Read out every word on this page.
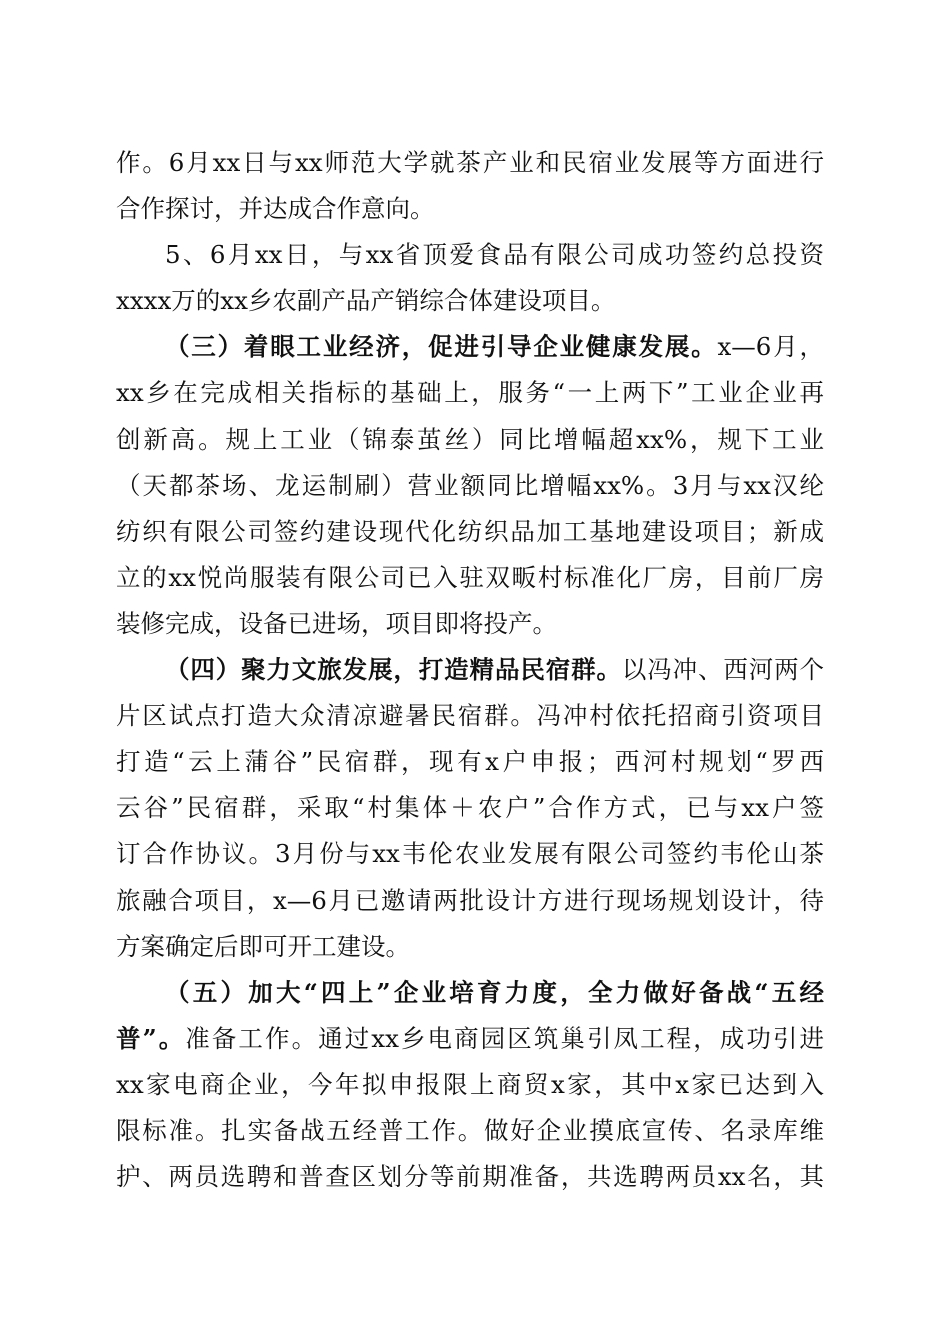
作。6月xx日与xx师范大学就茶产业和民宿业发展等方面进行
合作探讨，并达成合作意向。
5、6月xx日，与xx省顶爱食品有限公司成功签约总投资
xxxx万的xx乡农副产品产销综合体建设项目。
（三）着眼工业经济，促进引导企业健康发展。x—6月，
xx乡在完成相关指标的基础上，服务“一上两下”工业企业再
创新高。规上工业（锦泰茧丝）同比增幅超xx%，规下工业
（天都茶场、龙运制刷）营业额同比增幅xx%。3月与xx汉纶
纺织有限公司签约建设现代化纺织品加工基地建设项目；新成
立的xx悦尚服装有限公司已入驻双畈村标准化厂房，目前厂房
装修完成，设备已进场，项目即将投产。
（四）聚力文旅发展，打造精品民宿群。以冯冲、西河两个
片区试点打造大众清凉避暑民宿群。冯冲村依托招商引资项目
打造“云上蒲谷”民宿群，现有x户申报；西河村规划“罗西
云谷”民宿群，采取“村集体＋农户”合作方式，已与xx户签
订合作协议。3月份与xx韦伦农业发展有限公司签约韦伦山茶
旅融合项目，x—6月已邀请两批设计方进行现场规划设计，待
方案确定后即可开工建设。
（五）加大“四上”企业培育力度，全力做好备战“五经
普”。准备工作。通过xx乡电商园区筑巢引凤工程，成功引进
xx家电商企业，今年拟申报限上商贸x家，其中x家已达到入
限标准。扎实备战五经普工作。做好企业摸底宣传、名录库维
护、两员选聘和普查区划分等前期准备，共选聘两员xx名，其
